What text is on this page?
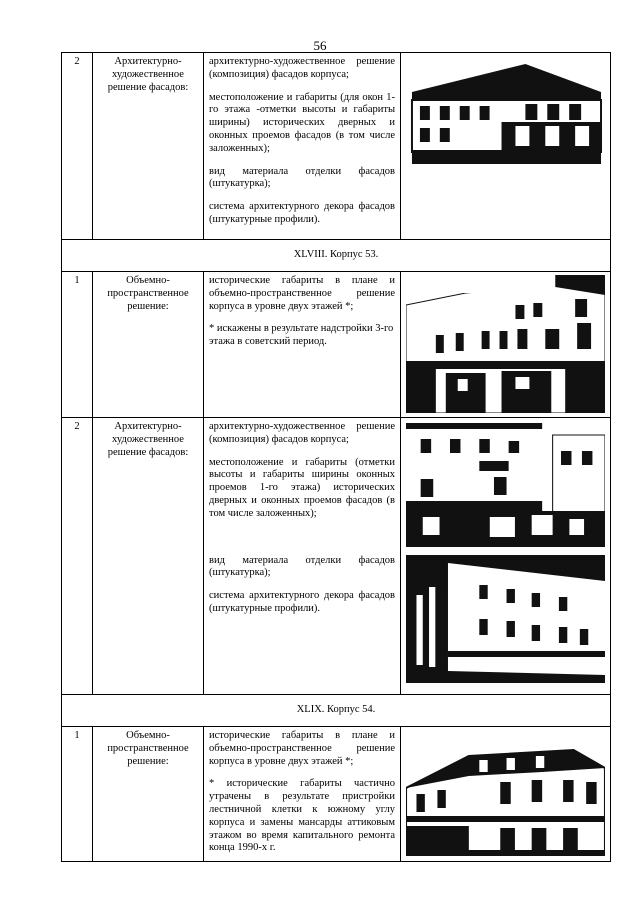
56
2	Архитектурно-художественное решение фасадов:	архитектурно-художественное решение (композиция) фасадов корпуса;

местоположение и габариты (для окон 1-го этажа -отметки высоты и габариты ширины) исторических дверных и оконных проемов фасадов (в том числе заложенных);

вид материала отделки фасадов (штукатурка);

система архитектурного декора фасадов (штукатурные профили).

XLVIII. Корпус 53.			
1	Объемно-пространственное решение:	исторические габариты в плане и объемно-пространственное решение корпуса в уровне двух этажей *;

* искажены в результате надстройки 3-го этажа в советский период.

2	Архитектурно-художественное решение фасадов:	архитектурно-художественное решение (композиция) фасадов корпуса;

местоположение и габариты (отметки высоты и габариты ширины оконных проемов 1-го этажа) исторических дверных и оконных проемов фасадов (в том числе заложенных);

вид материала отделки фасадов (штукатурка);

система архитектурного декора фасадов (штукатурные профили).

XLIX. Корпус 54.			
1	Объемно-пространственное решение:	исторические габариты в плане и объемно-пространственное решение корпуса в уровне двух этажей *;

* исторические габариты частично утрачены в результате пристройки лестничной клетки к южному углу корпуса и замены мансарды аттиковым этажом во время капитального ремонта конца 1990-х г.
